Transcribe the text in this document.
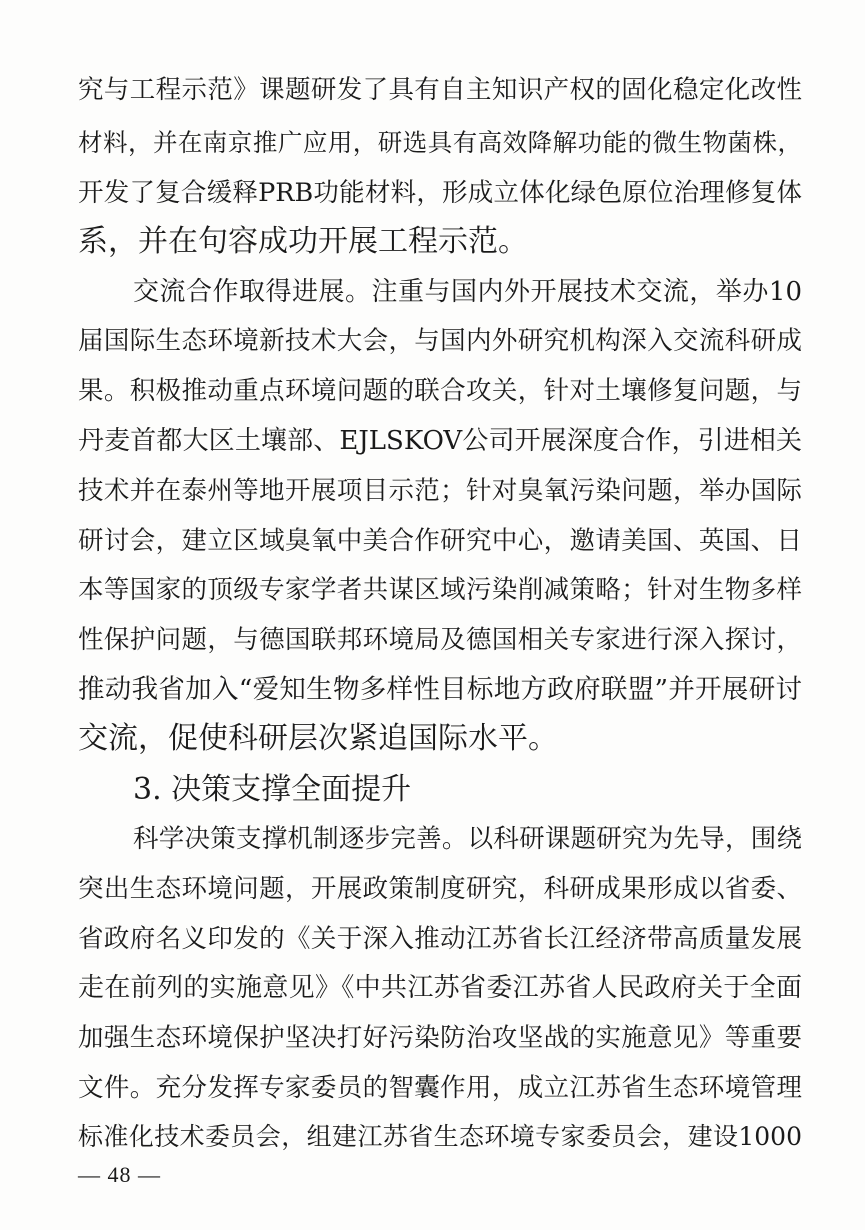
究与工程示范》课题研发了具有自主知识产权的固化稳定化改性
材料，并在南京推广应用，研选具有高效降解功能的微生物菌株，
开发了复合缓释PRB功能材料，形成立体化绿色原位治理修复体
系，并在句容成功开展工程示范。
交流合作取得进展。注重与国内外开展技术交流，举办10
届国际生态环境新技术大会，与国内外研究机构深入交流科研成
果。积极推动重点环境问题的联合攻关，针对土壤修复问题，与
丹麦首都大区土壤部、EJLSKOV公司开展深度合作，引进相关
技术并在泰州等地开展项目示范；针对臭氧污染问题，举办国际
研讨会，建立区域臭氧中美合作研究中心，邀请美国、英国、日
本等国家的顶级专家学者共谋区域污染削减策略；针对生物多样
性保护问题，与德国联邦环境局及德国相关专家进行深入探讨，
推动我省加入“爱知生物多样性目标地方政府联盟”并开展研讨
交流，促使科研层次紧追国际水平。
3. 决策支撑全面提升
科学决策支撑机制逐步完善。以科研课题研究为先导，围绕
突出生态环境问题，开展政策制度研究，科研成果形成以省委、
省政府名义印发的《关于深入推动江苏省长江经济带高质量发展
走在前列的实施意见》《中共江苏省委江苏省人民政府关于全面
加强生态环境保护坚决打好污染防治攻坚战的实施意见》等重要
文件。充分发挥专家委员的智囊作用，成立江苏省生态环境管理
标准化技术委员会，组建江苏省生态环境专家委员会，建设1000
— 48 —
